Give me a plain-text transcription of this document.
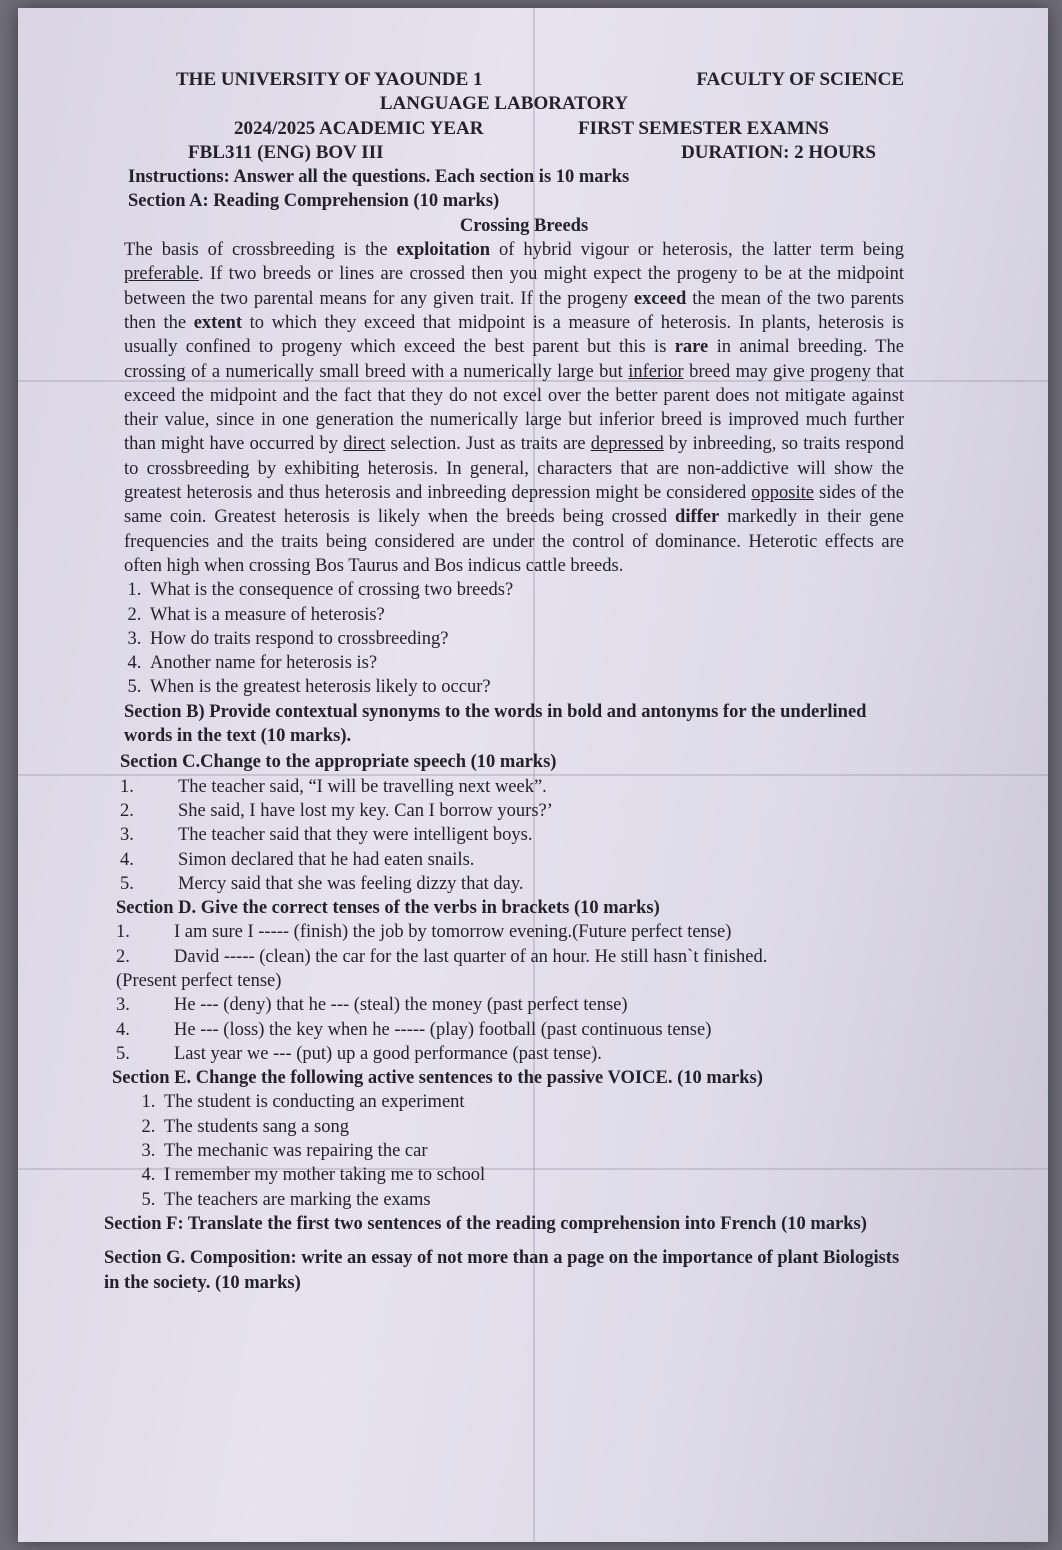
THE UNIVERSITY OF YAOUNDE 1	FACULTY OF SCIENCE
LANGUAGE LABORATORY
2024/2025 ACADEMIC YEAR	FIRST SEMESTER EXAMNS
FBL311 (ENG) BOV III	DURATION: 2 HOURS
Instructions: Answer all the questions. Each section is 10 marks
Section A: Reading Comprehension (10 marks)
Crossing Breeds

The basis of crossbreeding is the exploitation of hybrid vigour or heterosis, the latter term being preferable. If two breeds or lines are crossed then you might expect the progeny to be at the midpoint between the two parental means for any given trait. If the progeny exceed the mean of the two parents then the extent to which they exceed that midpoint is a measure of heterosis. In plants, heterosis is usually confined to progeny which exceed the best parent but this is rare in animal breeding. The crossing of a numerically small breed with a numerically large but inferior breed may give progeny that exceed the midpoint and the fact that they do not excel over the better parent does not mitigate against their value, since in one generation the numerically large but inferior breed is improved much further than might have occurred by direct selection. Just as traits are depressed by inbreeding, so traits respond to crossbreeding by exhibiting heterosis. In general, characters that are non-addictive will show the greatest heterosis and thus heterosis and inbreeding depression might be considered opposite sides of the same coin. Greatest heterosis is likely when the breeds being crossed differ markedly in their gene frequencies and the traits being considered are under the control of dominance. Heterotic effects are often high when crossing Bos Taurus and Bos indicus cattle breeds.

1. What is the consequence of crossing two breeds?
2. What is a measure of heterosis?
3. How do traits respond to crossbreeding?
4. Another name for heterosis is?
5. When is the greatest heterosis likely to occur?
Section B) Provide contextual synonyms to the words in bold and antonyms for the underlined words in the text (10 marks).
Section C.Change to the appropriate speech (10 marks)
1.	The teacher said, “I will be travelling next week”.
2.	She said, I have lost my key. Can I borrow yours?’
3.	The teacher said that they were intelligent boys.
4.	Simon declared that he had eaten snails.
5.	Mercy said that she was feeling dizzy that day.
Section D. Give the correct tenses of the verbs in brackets (10 marks)
1.	I am sure I ----- (finish) the job by tomorrow evening.(Future perfect tense)
2.	David ----- (clean) the car for the last quarter of an hour. He still hasn`t finished.
(Present perfect tense)
3.	He --- (deny) that he --- (steal) the money (past perfect tense)
4.	He --- (loss) the key when he ----- (play) football (past continuous tense)
5.	Last year we --- (put) up a good performance (past tense).
Section E. Change the following active sentences to the passive VOICE. (10 marks)
1. The student is conducting an experiment
2. The students sang a song
3. The mechanic was repairing the car
4. I remember my mother taking me to school
5. The teachers are marking the exams
Section F: Translate the first two sentences of the reading comprehension into French (10 marks)
Section G. Composition: write an essay of not more than a page on the importance of plant Biologists in the society. (10 marks)
